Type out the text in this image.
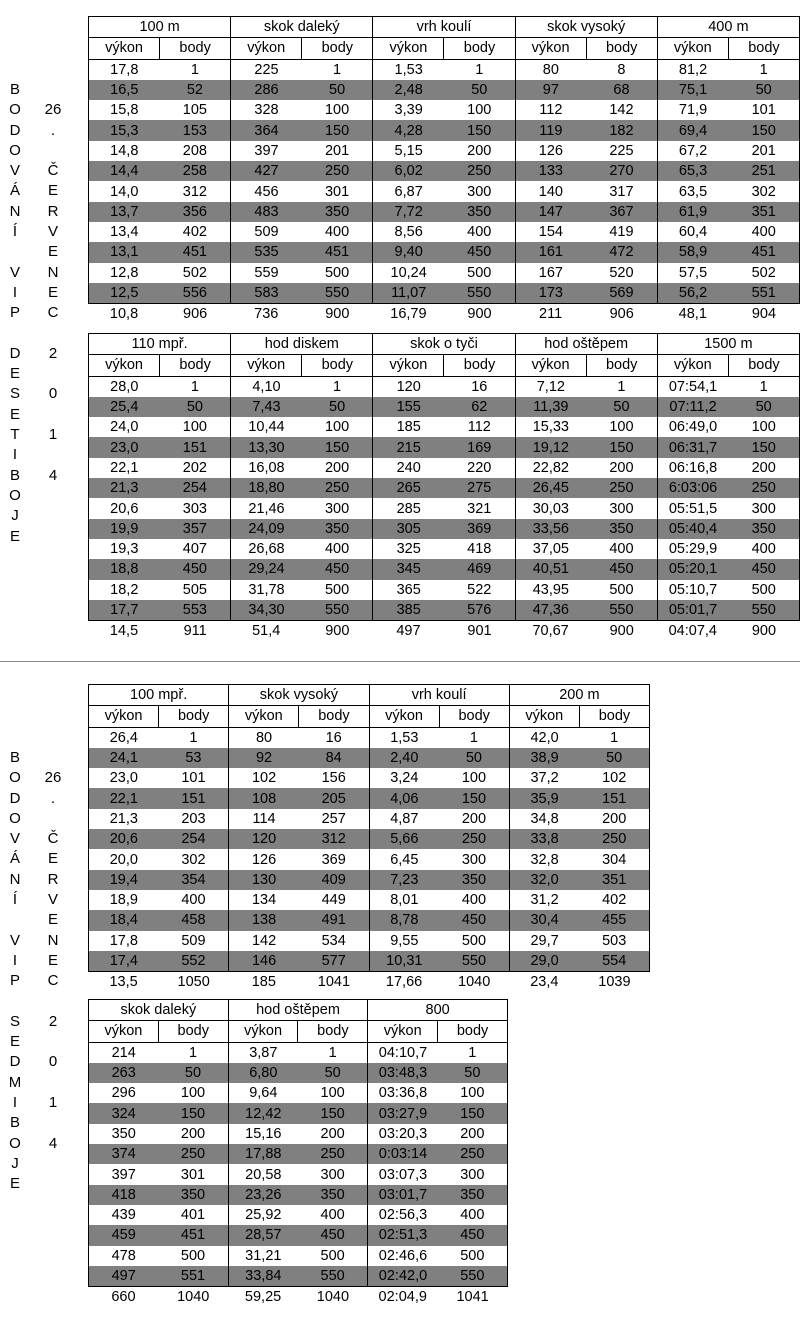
B
O
D
O
V
Á
N
Í

V
I
P

D
E
S
E
T
I
B
O
J
E

26
.

Č
E
R
V
E
N
E
C

2

0

1

4

100 m		skok daleký		vrh koulí		skok vysoký		400 m	
výkon	body	výkon	body	výkon	body	výkon	body	výkon	body
17,8	1	225	1	1,53	1	80	8	81,2	1
16,5	52	286	50	2,48	50	97	68	75,1	50
15,8	105	328	100	3,39	100	112	142	71,9	101
15,3	153	364	150	4,28	150	119	182	69,4	150
14,8	208	397	201	5,15	200	126	225	67,2	201
14,4	258	427	250	6,02	250	133	270	65,3	251
14,0	312	456	301	6,87	300	140	317	63,5	302
13,7	356	483	350	7,72	350	147	367	61,9	351
13,4	402	509	400	8,56	400	154	419	60,4	400
13,1	451	535	451	9,40	450	161	472	58,9	451
12,8	502	559	500	10,24	500	167	520	57,5	502
12,5	556	583	550	11,07	550	173	569	56,2	551
10,8	906	736	900	16,79	900	211	906	48,1	904
110 mpř.		hod diskem		skok o tyči		hod oštěpem		1500 m	
výkon	body	výkon	body	výkon	body	výkon	body	výkon	body
28,0	1	4,10	1	120	16	7,12	1	07:54,1	1
25,4	50	7,43	50	155	62	11,39	50	07:11,2	50
24,0	100	10,44	100	185	112	15,33	100	06:49,0	100
23,0	151	13,30	150	215	169	19,12	150	06:31,7	150
22,1	202	16,08	200	240	220	22,82	200	06:16,8	200
21,3	254	18,80	250	265	275	26,45	250	6:03:06	250
20,6	303	21,46	300	285	321	30,03	300	05:51,5	300
19,9	357	24,09	350	305	369	33,56	350	05:40,4	350
19,3	407	26,68	400	325	418	37,05	400	05:29,9	400
18,8	450	29,24	450	345	469	40,51	450	05:20,1	450
18,2	505	31,78	500	365	522	43,95	500	05:10,7	500
17,7	553	34,30	550	385	576	47,36	550	05:01,7	550
14,5	911	51,4	900	497	901	70,67	900	04:07,4	900
B
O
D
O
V
Á
N
Í

V
I
P

S
E
D
M
I
B
O
J
E

26
.

Č
E
R
V
E
N
E
C

2

0

1

4

100 mpř.		skok vysoký		vrh koulí		200 m	
výkon	body	výkon	body	výkon	body	výkon	body
26,4	1	80	16	1,53	1	42,0	1
24,1	53	92	84	2,40	50	38,9	50
23,0	101	102	156	3,24	100	37,2	102
22,1	151	108	205	4,06	150	35,9	151
21,3	203	114	257	4,87	200	34,8	200
20,6	254	120	312	5,66	250	33,8	250
20,0	302	126	369	6,45	300	32,8	304
19,4	354	130	409	7,23	350	32,0	351
18,9	400	134	449	8,01	400	31,2	402
18,4	458	138	491	8,78	450	30,4	455
17,8	509	142	534	9,55	500	29,7	503
17,4	552	146	577	10,31	550	29,0	554
13,5	1050	185	1041	17,66	1040	23,4	1039
skok daleký		hod oštěpem		800	
výkon	body	výkon	body	výkon	body
214	1	3,87	1	04:10,7	1
263	50	6,80	50	03:48,3	50
296	100	9,64	100	03:36,8	100
324	150	12,42	150	03:27,9	150
350	200	15,16	200	03:20,3	200
374	250	17,88	250	0:03:14	250
397	301	20,58	300	03:07,3	300
418	350	23,26	350	03:01,7	350
439	401	25,92	400	02:56,3	400
459	451	28,57	450	02:51,3	450
478	500	31,21	500	02:46,6	500
497	551	33,84	550	02:42,0	550
660	1040	59,25	1040	02:04,9	1041
